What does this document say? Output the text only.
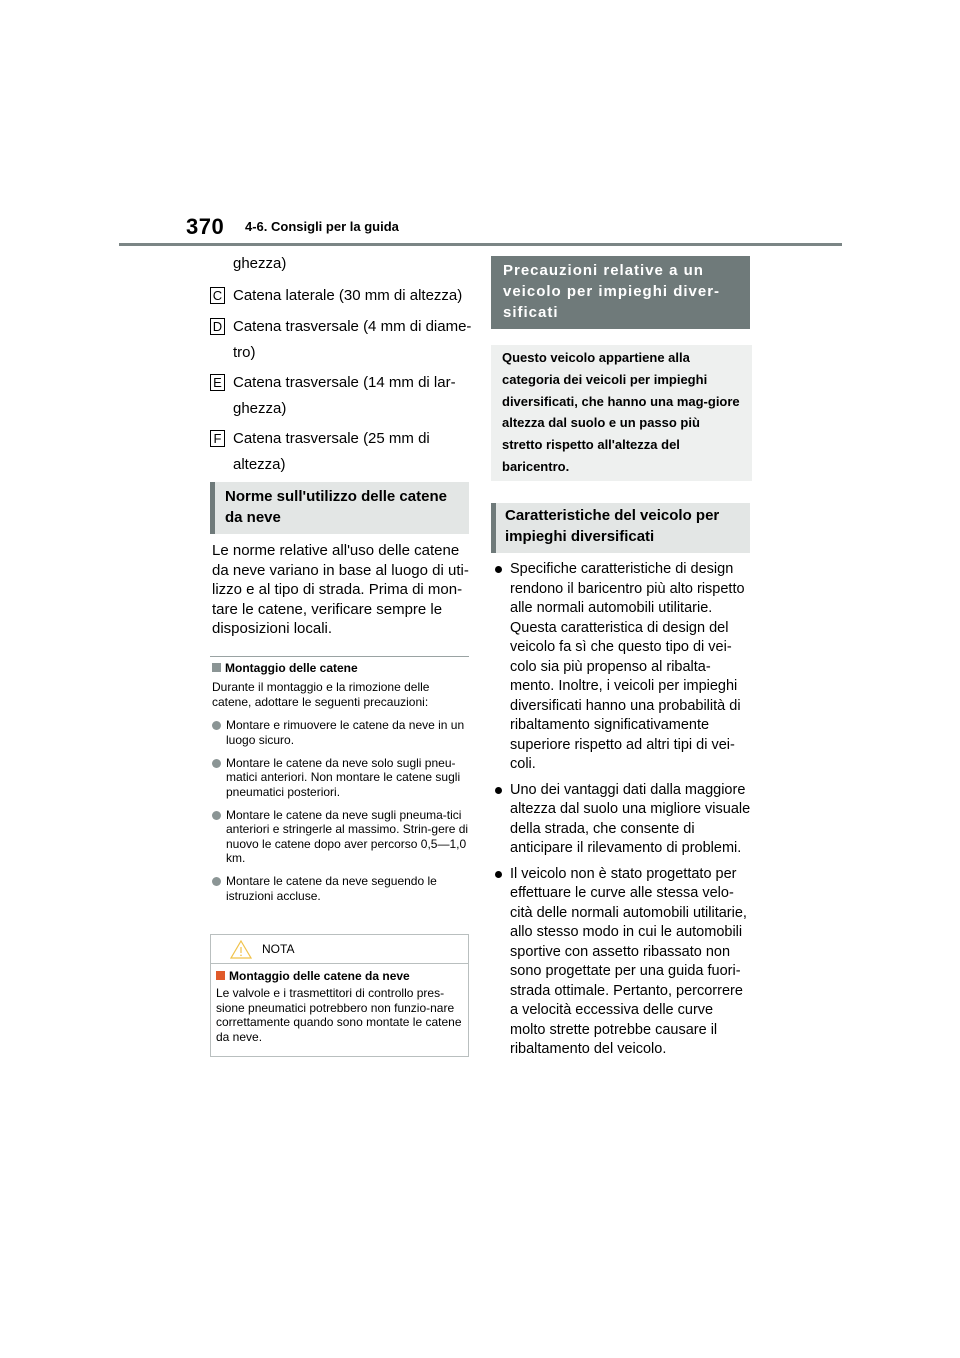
370 4-6. Consigli per la guida

ghezza)

C Catena laterale (30 mm di altezza)
D Catena trasversale (4 mm di diame-

tro)

E Catena trasversale (14 mm di lar-

ghezza)

F Catena trasversale (25 mm di

altezza)

Norme sull'utilizzo delle catene da neve

Le norme relative all'uso delle catene da neve variano in base al luogo di uti-lizzo e al tipo di strada. Prima di mon-tare le catene, verificare sempre le disposizioni locali.

Montaggio delle catene

Durante il montaggio e la rimozione delle catene, adottare le seguenti precauzioni:

Montare e rimuovere le catene da neve in un luogo sicuro.
Montare le catene da neve solo sugli pneu-matici anteriori. Non montare le catene sugli pneumatici posteriori.
Montare le catene da neve sugli pneuma-tici anteriori e stringerle al massimo. Strin-gere di nuovo le catene dopo aver percorso 0,5—1,0 km.
Montare le catene da neve seguendo le istruzioni accluse.
NOTA
Montaggio delle catene da neve
Le valvole e i trasmettitori di controllo pres-sione pneumatici potrebbero non funzio-nare correttamente quando sono montate le catene da neve.
Precauzioni relative a un veicolo per impieghi diver-sificati
Questo veicolo appartiene alla categoria dei veicoli per impieghi diversificati, che hanno una mag-giore altezza dal suolo e un passo più stretto rispetto all'altezza del baricentro.
Caratteristiche del veicolo per impieghi diversificati
Specifiche caratteristiche di design rendono il baricentro più alto rispetto alle normali automobili utilitarie. Questa caratteristica di design del veicolo fa sì che questo tipo di vei-colo sia più propenso al ribalta-mento. Inoltre, i veicoli per impieghi diversificati hanno una probabilità di ribaltamento significativamente superiore rispetto ad altri tipi di vei-coli.
Uno dei vantaggi dati dalla maggiore altezza dal suolo una migliore visuale della strada, che consente di anticipare il rilevamento di problemi.
Il veicolo non è stato progettato per effettuare le curve alle stessa velo-cità delle normali automobili utilitarie, allo stesso modo in cui le automobili sportive con assetto ribassato non sono progettate per una guida fuori-strada ottimale. Pertanto, percorrere a velocità eccessiva delle curve molto strette potrebbe causare il ribaltamento del veicolo.
